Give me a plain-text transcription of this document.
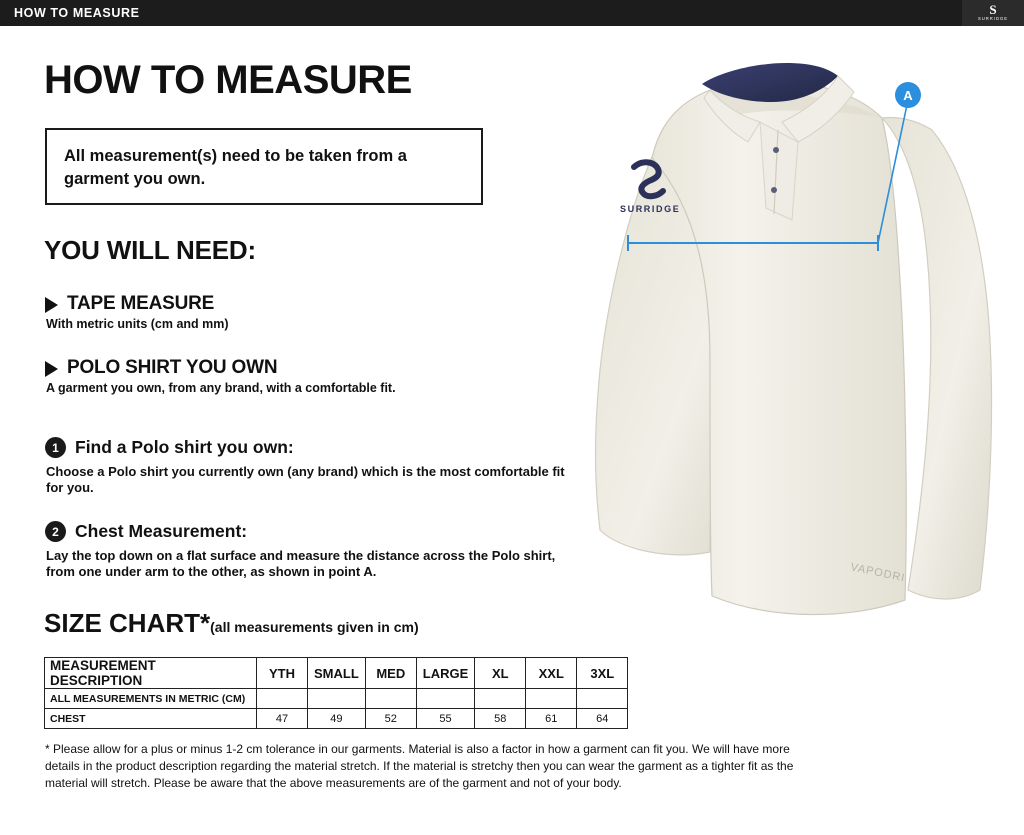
HOW TO MEASURE	S
SURRIDGE
HOW TO MEASURE
All measurement(s) need to be taken from a garment you own.
YOU WILL NEED:
TAPE MEASURE
With metric units (cm and mm)
POLO SHIRT YOU OWN
A garment you own, from any brand, with a comfortable fit.
1 Find a Polo shirt you own:
Choose a Polo shirt you currently own (any brand) which is the most comfortable fit for you.
2 Chest Measurement:
Lay the top down on a flat surface and measure the distance across the Polo shirt, from one under arm to the other, as shown in point A.
SIZE CHART*(all measurements given in cm)
MEASUREMENT DESCRIPTION	YTH	SMALL	MED	LARGE	XL	XXL	3XL
ALL MEASUREMENTS IN METRIC (CM)							
CHEST	47	49	52	55	58	61	64
* Please allow for a plus or minus 1-2 cm tolerance in our garments. Material is also a factor in how a garment can fit you. We will have more details in the product description regarding the material stretch. If the material is stretchy then you can wear the garment as a tighter fit as the material will stretch. Please be aware that the above measurements are of the garment and not of your body.
SURRIDGE
VAPODRI
A
